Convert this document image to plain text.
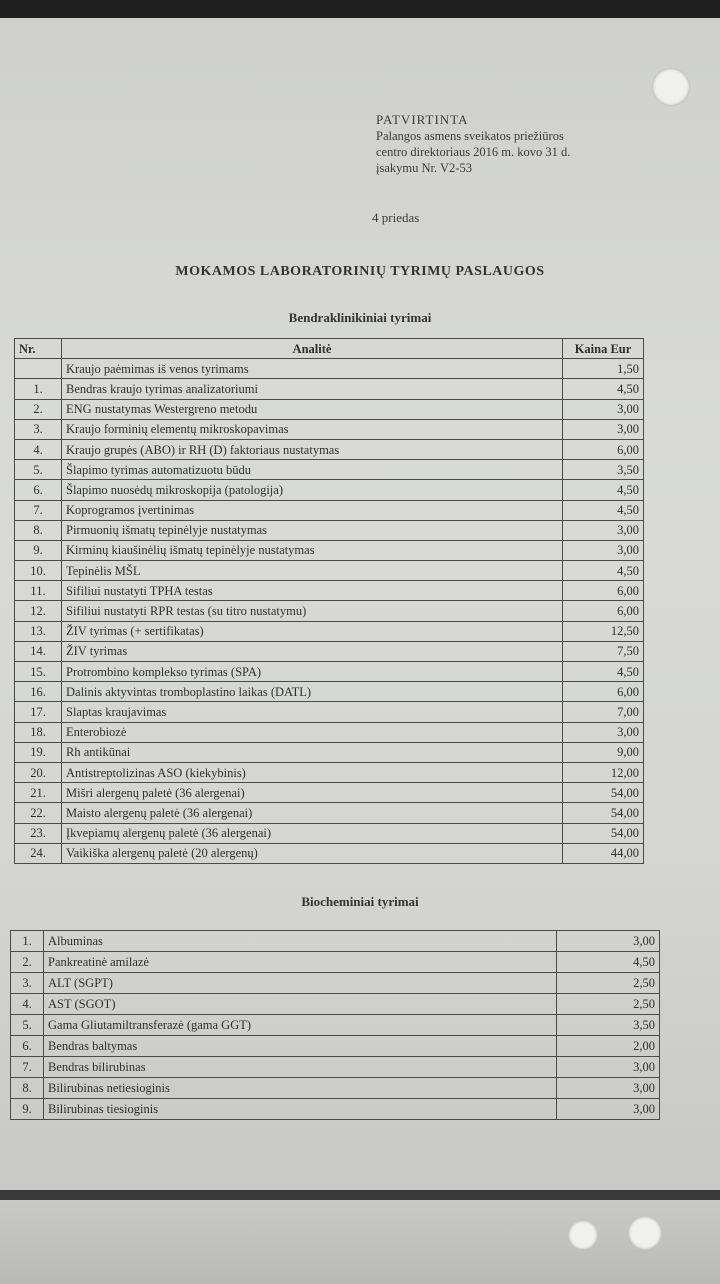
PATVIRTINTA
Palangos asmens sveikatos priežiūros
centro direktoriaus 2016 m. kovo 31 d.
įsakymu Nr. V2-53
4 priedas
MOKAMOS LABORATORINIŲ TYRIMŲ PASLAUGOS
Bendraklinikiniai tyrimai
Nr.	Analitė	Kaina Eur
	Kraujo paėmimas iš venos tyrimams	1,50
1.	Bendras kraujo tyrimas analizatoriumi	4,50
2.	ENG nustatymas Westergreno metodu	3,00
3.	Kraujo forminių elementų mikroskopavimas	3,00
4.	Kraujo grupės (ABO) ir RH (D) faktoriaus nustatymas	6,00
5.	Šlapimo tyrimas automatizuotu būdu	3,50
6.	Šlapimo nuosėdų mikroskopija (patologija)	4,50
7.	Koprogramos įvertinimas	4,50
8.	Pirmuonių išmatų tepinėlyje nustatymas	3,00
9.	Kirminų kiaušinėlių išmatų tepinėlyje nustatymas	3,00
10.	Tepinėlis MŠL	4,50
11.	Sifiliui nustatyti TPHA testas	6,00
12.	Sifiliui nustatyti RPR testas (su titro nustatymu)	6,00
13.	ŽIV tyrimas (+ sertifikatas)	12,50
14.	ŽIV tyrimas	7,50
15.	Protrombino komplekso tyrimas (SPA)	4,50
16.	Dalinis aktyvintas tromboplastino laikas (DATL)	6,00
17.	Slaptas kraujavimas	7,00
18.	Enterobiozė	3,00
19.	Rh antikūnai	9,00
20.	Antistreptolizinas ASO (kiekybinis)	12,00
21.	Mišri alergenų paletė (36 alergenai)	54,00
22.	Maisto alergenų paletė (36 alergenai)	54,00
23.	Įkvepiamų alergenų paletė (36 alergenai)	54,00
24.	Vaikiška alergenų paletė (20 alergenų)	44,00
Biocheminiai tyrimai
1.	Albuminas	3,00
2.	Pankreatinė amilazė	4,50
3.	ALT (SGPT)	2,50
4.	AST (SGOT)	2,50
5.	Gama Gliutamiltransferazė (gama GGT)	3,50
6.	Bendras baltymas	2,00
7.	Bendras bilirubinas	3,00
8.	Bilirubinas netiesioginis	3,00
9.	Bilirubinas tiesioginis	3,00
